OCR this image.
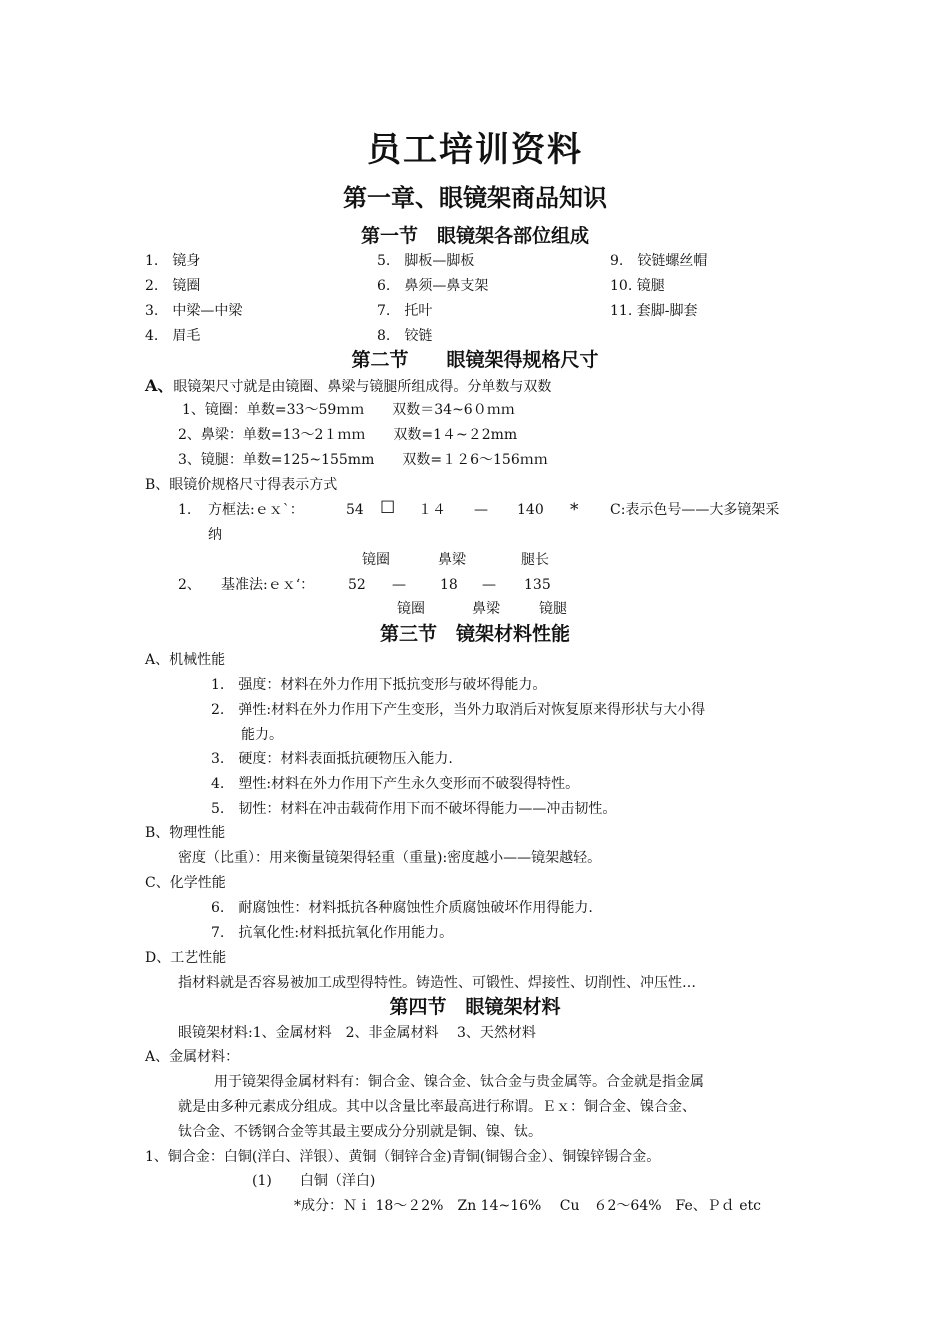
员工培训资料
第一章、眼镜架商品知识
第一节　眼镜架各部位组成
1.　镜身
2.　镜圈
3.　中梁—中梁
4.　眉毛
5.　脚板—脚板
6.　鼻须—鼻支架
7.　托叶
8.　铰链
9.　铰链螺丝帽
10. 镜腿
11. 套脚-脚套
第二节　　眼镜架得规格尺寸
A、眼镜架尺寸就是由镜圈、鼻梁与镜腿所组成得。分单数与双数
1、镜圈：单数=33～59ｍｍ　　双数＝34~6０ｍｍ
2、鼻梁：单数=13～2１ｍｍ　　双数=1４~２2mm
3、镜腿：单数=125~155mm　　双数=１２6～156ｍｍ
B、眼镜价规格尺寸得表示方式
1. 方框法:ｅｘ`：	54 ☐ １４ — 140 * C:表示色号——大多镜架采
纳
镜圈	鼻梁	腿长
2、 基准法:ｅｘ‘： 52 — 18 — 135
镜圈	鼻梁	镜腿
第三节　镜架材料性能
A、机械性能
1.　强度：材料在外力作用下抵抗变形与破坏得能力。
2.　弹性:材料在外力作用下产生变形，当外力取消后对恢复原来得形状与大小得
能力。
3.　硬度：材料表面抵抗硬物压入能力.
4.　塑性:材料在外力作用下产生永久变形而不破裂得特性。
5.　韧性：材料在冲击载荷作用下而不破坏得能力——冲击韧性。
B、物理性能
密度（比重）：用来衡量镜架得轻重（重量):密度越小——镜架越轻。
C、化学性能
6.　耐腐蚀性：材料抵抗各种腐蚀性介质腐蚀破坏作用得能力.
7.　抗氧化性:材料抵抗氧化作用能力。
D、工艺性能
指材料就是否容易被加工成型得特性。铸造性、可锻性、焊接性、切削性、冲压性…
第四节　眼镜架材料
眼镜架材料:1、金属材料　2、非金属材料　 3、天然材料
A、金属材料：
用于镜架得金属材料有：铜合金、镍合金、钛合金与贵金属等。合金就是指金属
就是由多种元素成分组成。其中以含量比率最高进行称谓。Ｅｘ：铜合金、镍合金、
钛合金、不锈钢合金等其最主要成分分别就是铜、镍、钛。
1、铜合金：白铜(洋白、洋银）、黄铜（铜锌合金)青铜(铜锡合金）、铜镍锌锡合金。
(1)　　白铜（洋白)
*成分：Ｎｉ 18～２2%　Zn 14~16%　 Cu　６2～64%　Fe、Ｐｄ etc
